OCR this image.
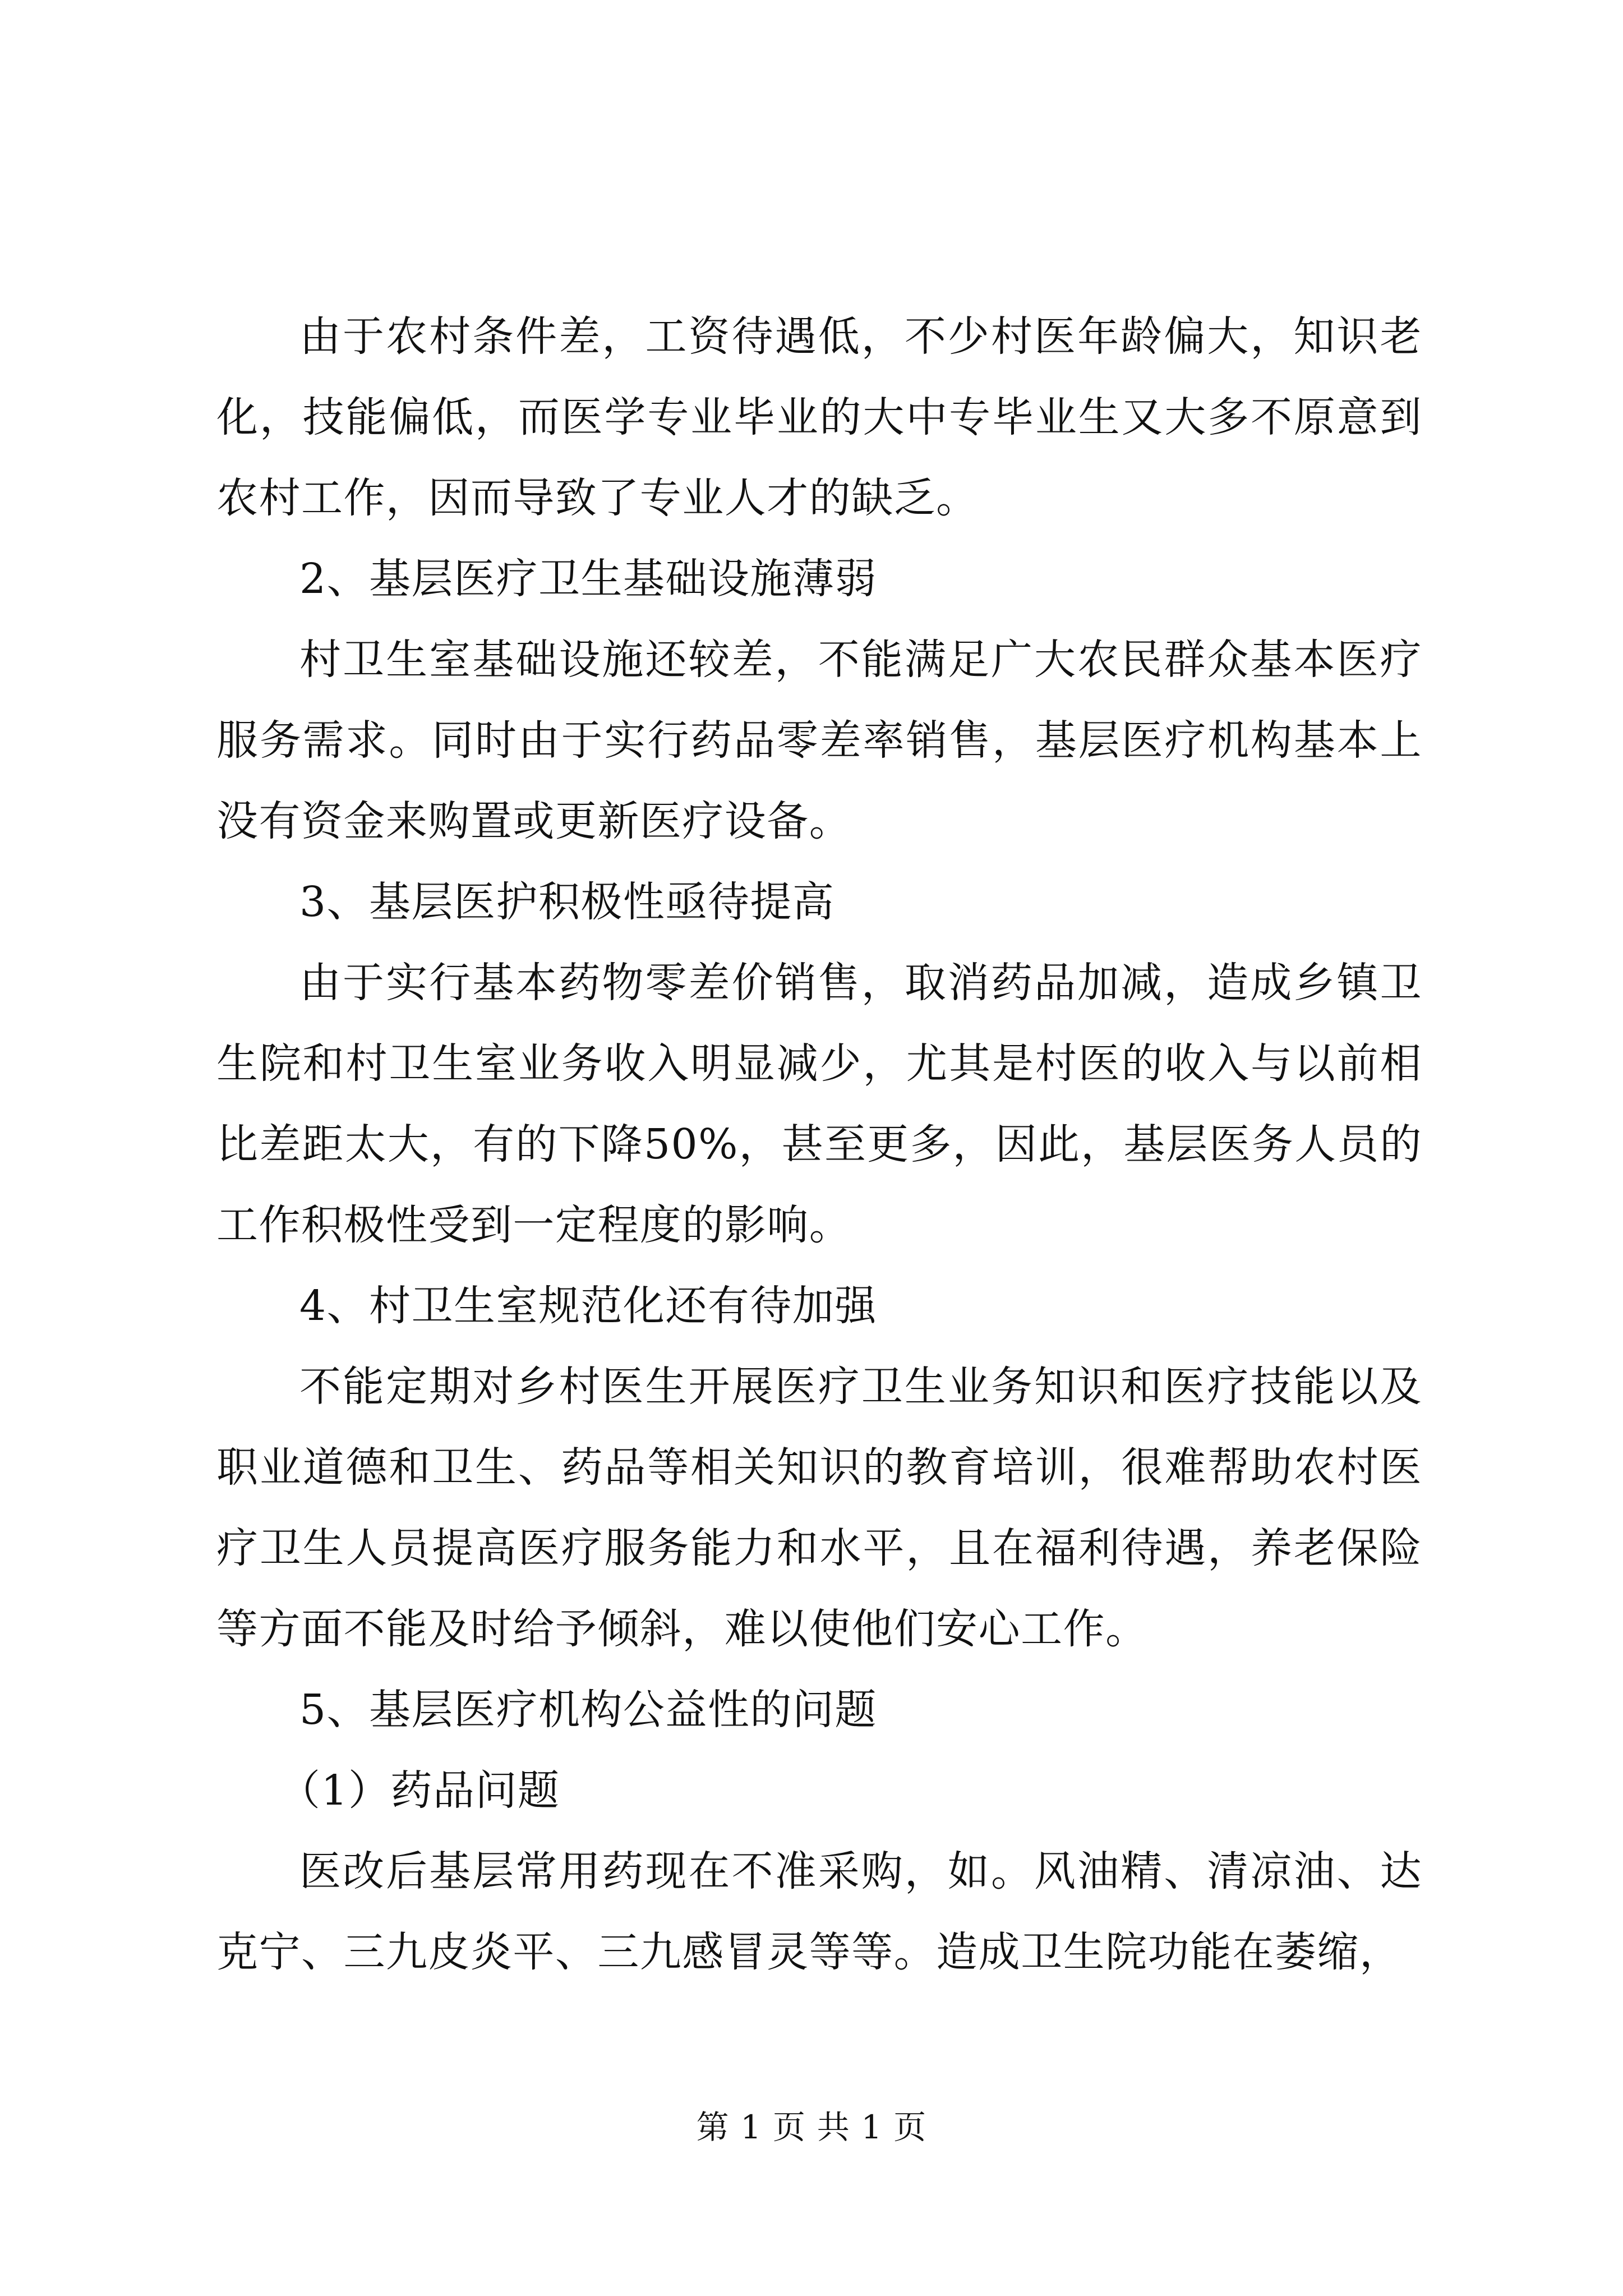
由于农村条件差，工资待遇低，不少村医年龄偏大，知识老化，技能偏低，而医学专业毕业的大中专毕业生又大多不原意到农村工作，因而导致了专业人才的缺乏。

2、基层医疗卫生基础设施薄弱

村卫生室基础设施还较差，不能满足广大农民群众基本医疗服务需求。同时由于实行药品零差率销售，基层医疗机构基本上没有资金来购置或更新医疗设备。

3、基层医护积极性亟待提高

由于实行基本药物零差价销售，取消药品加减，造成乡镇卫生院和村卫生室业务收入明显减少，尤其是村医的收入与以前相比差距太大，有的下降50%，甚至更多，因此，基层医务人员的工作积极性受到一定程度的影响。

4、村卫生室规范化还有待加强

不能定期对乡村医生开展医疗卫生业务知识和医疗技能以及职业道德和卫生、药品等相关知识的教育培训，很难帮助农村医疗卫生人员提高医疗服务能力和水平，且在福利待遇，养老保险等方面不能及时给予倾斜，难以使他们安心工作。

5、基层医疗机构公益性的问题

（1）药品问题

医改后基层常用药现在不准采购，如。风油精、清凉油、达克宁、三九皮炎平、三九感冒灵等等。造成卫生院功能在萎缩，

第 1 页 共 1 页
